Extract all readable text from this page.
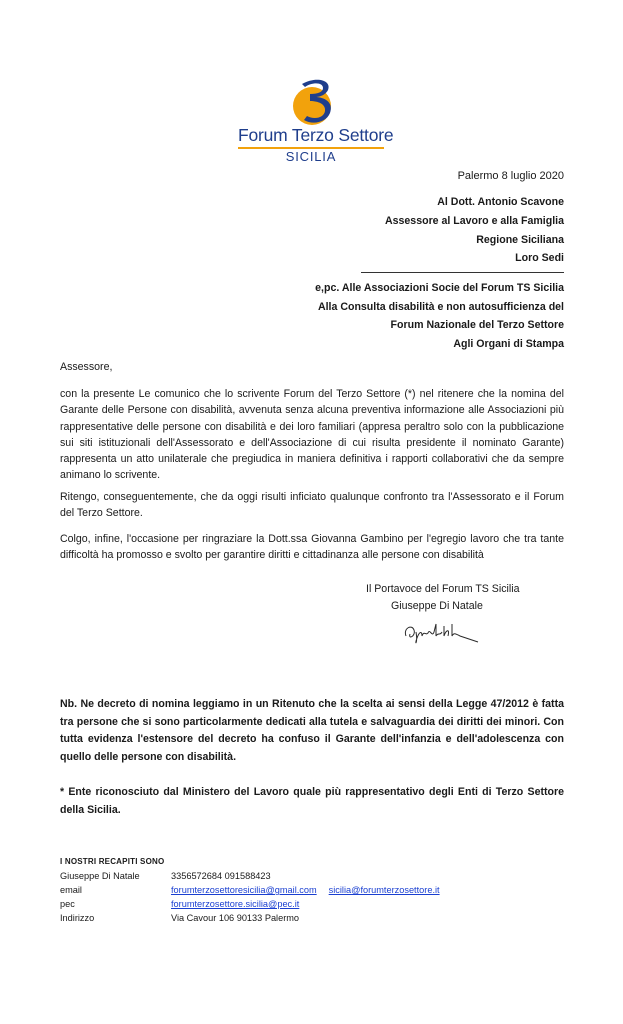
Forum Terzo Settore
SICILIA
Palermo 8 luglio 2020
Al Dott. Antonio Scavone
Assessore al Lavoro e alla Famiglia
Regione Siciliana
Loro Sedi
e,pc. Alle Associazioni Socie del Forum TS Sicilia
Alla Consulta disabilità e non autosufficienza del
Forum Nazionale del Terzo Settore
Agli Organi di Stampa
Assessore,
con la presente Le comunico che lo scrivente Forum del Terzo Settore (*) nel ritenere che la nomina del Garante delle Persone con disabilità, avvenuta senza alcuna preventiva informazione alle Associazioni più rappresentative delle persone con disabilità e dei loro familiari (appresa peraltro solo con la pubblicazione sui siti istituzionali dell'Assessorato e dell'Associazione di cui risulta presidente il nominato Garante) rappresenta un atto unilaterale che pregiudica in maniera definitiva i rapporti collaborativi che da sempre animano lo scrivente.
Ritengo, conseguentemente, che da oggi risulti inficiato qualunque confronto tra l'Assessorato e il Forum del Terzo Settore.
Colgo, infine, l'occasione per ringraziare la Dott.ssa Giovanna Gambino per l'egregio lavoro che tra tante difficoltà ha promosso e svolto per garantire diritti e cittadinanza alle persone con disabilità
Il Portavoce del Forum TS Sicilia
Giuseppe Di Natale
Nb. Ne decreto di nomina leggiamo in un Ritenuto che la scelta ai sensi della Legge 47/2012 è fatta tra persone che si sono particolarmente dedicati alla tutela e salvaguardia dei diritti dei minori. Con tutta evidenza l'estensore del decreto ha confuso il Garante dell'infanzia e dell'adolescenza con quello delle persone con disabilità.
* Ente riconosciuto dal Ministero del Lavoro quale più rappresentativo degli Enti di Terzo Settore della Sicilia.
I NOSTRI RECAPITI SONO
Giuseppe Di Natale	3356572684 091588423
email	forumterzosettoresicilia@gmail.com sicilia@forumterzosettore.it
pec	forumterzosettore.sicilia@pec.it
Indirizzo	Via Cavour 106 90133 Palermo
